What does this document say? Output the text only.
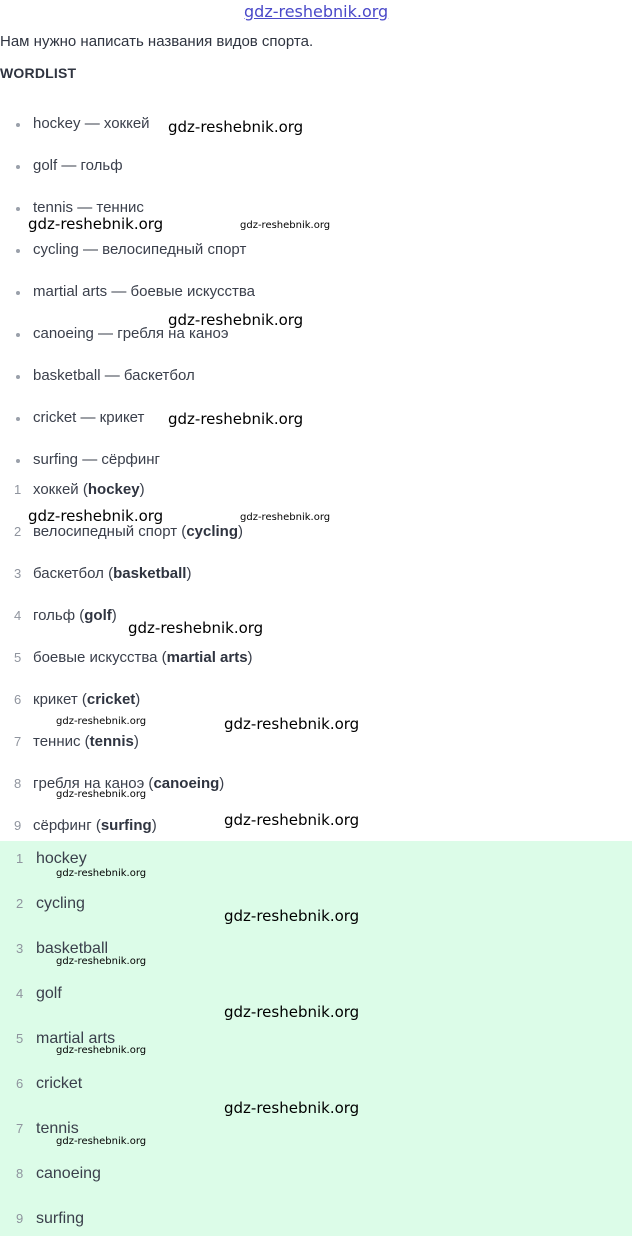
gdz-reshebnik.org
Нам нужно написать названия видов спорта.
WORDLIST
hockey — хоккей
golf — гольф
tennis — теннис
cycling — велосипедный спорт
martial arts — боевые искусства
canoeing — гребля на каноэ
basketball — баскетбол
cricket — крикет
surfing — сёрфинг
1 хоккей (hockey)
2 велосипедный спорт (cycling)
3 баскетбол (basketball)
4 гольф (golf)
5 боевые искусства (martial arts)
6 крикет (cricket)
7 теннис (tennis)
8 гребля на каноэ (canoeing)
9 сёрфинг (surfing)
1 hockey
2 cycling
3 basketball
4 golf
5 martial arts
6 cricket
7 tennis
8 canoeing
9 surfing
gdz-reshebnik.org
gdz-reshebnik.org	gdz-reshebnik.org
gdz-reshebnik.org
gdz-reshebnik.org
gdz-reshebnik.org	gdz-reshebnik.org
gdz-reshebnik.org
gdz-reshebnik.org	gdz-reshebnik.org
gdz-reshebnik.org
gdz-reshebnik.org
gdz-reshebnik.org
gdz-reshebnik.org
gdz-reshebnik.org
gdz-reshebnik.org
gdz-reshebnik.org
gdz-reshebnik.org
gdz-reshebnik.org
